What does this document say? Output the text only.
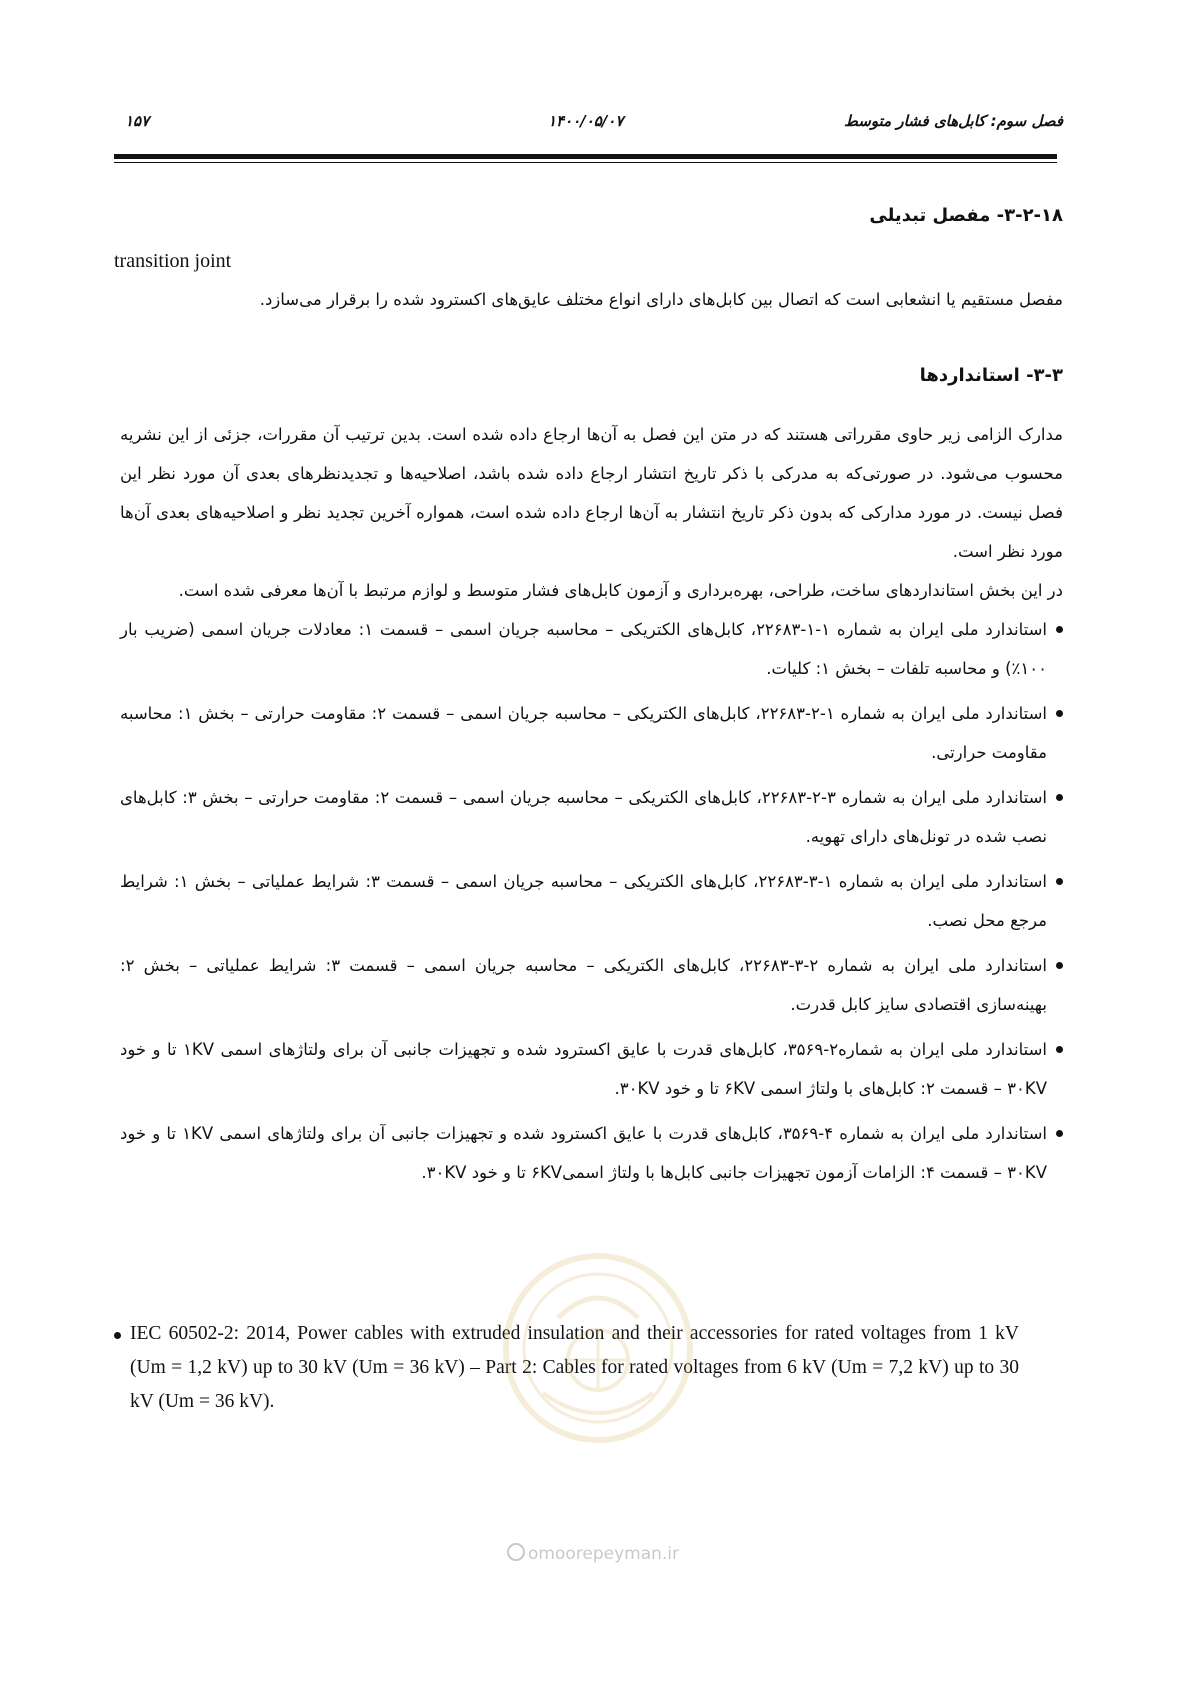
فصل سوم: کابل‌های فشار متوسط
۱۴۰۰/۰۵/۰۷
۱۵۷
۳-۲-۱۸- مفصل تبدیلی
transition joint

مفصل مستقیم یا انشعابی است که اتصال بین کابل‌های دارای انواع مختلف عایق‌های اکسترود شده را برقرار می‌سازد.

۳-۳- استانداردها

مدارک الزامی زیر حاوی مقرراتی هستند که در متن این فصل به آن‌ها ارجاع داده شده است. بدین ترتیب آن مقررات، جزئی از این نشریه محسوب می‌شود. در صورتی‌که به مدرکی با ذکر تاریخ انتشار ارجاع داده شده باشد، اصلاحیه‌ها و تجدیدنظرهای بعدی آن مورد نظر این فصل نیست. در مورد مدارکی که بدون ذکر تاریخ انتشار به آن‌ها ارجاع داده شده است، همواره آخرین تجدید نظر و اصلاحیه‌های بعدی آن‌ها مورد نظر است.

در این بخش استانداردهای ساخت، طراحی، بهره‌برداری و آزمون کابل‌های فشار متوسط و لوازم مرتبط با آن‌ها معرفی شده است.

استاندارد ملی ایران به شماره ۱-۱-۲۲۶۸۳، کابل‌های الکتریکی – محاسبه جریان اسمی – قسمت ۱: معادلات جریان اسمی (ضریب بار ۱۰۰٪) و محاسبه تلفات – بخش ۱: کلیات.
استاندارد ملی ایران به شماره ۱-۲-۲۲۶۸۳، کابل‌های الکتریکی – محاسبه جریان اسمی – قسمت ۲: مقاومت حرارتی – بخش ۱: محاسبه مقاومت حرارتی.
استاندارد ملی ایران به شماره ۳-۲-۲۲۶۸۳، کابل‌های الکتریکی – محاسبه جریان اسمی – قسمت ۲: مقاومت حرارتی – بخش ۳: کابل‌های نصب شده در تونل‌های دارای تهویه.
استاندارد ملی ایران به شماره ۱-۳-۲۲۶۸۳، کابل‌های الکتریکی – محاسبه جریان اسمی – قسمت ۳: شرایط عملیاتی – بخش ۱: شرایط مرجع محل نصب.
استاندارد ملی ایران به شماره ۲-۳-۲۲۶۸۳، کابل‌های الکتریکی – محاسبه جریان اسمی – قسمت ۳: شرایط عملیاتی – بخش ۲: بهینه‌سازی اقتصادی سایز کابل قدرت.
استاندارد ملی ایران به شماره۲-۳۵۶۹، کابل‌های قدرت با عایق اکسترود شده و تجهیزات جانبی آن برای ولتاژهای اسمی ۱KV تا و خود ۳۰KV – قسمت ۲: کابل‌های با ولتاژ اسمی ۶KV تا و خود ۳۰KV.
استاندارد ملی ایران به شماره ۴-۳۵۶۹، کابل‌های قدرت با عایق اکسترود شده و تجهیزات جانبی آن برای ولتاژهای اسمی ۱KV تا و خود ۳۰KV – قسمت ۴: الزامات آزمون تجهیزات جانبی کابل‌ها با ولتاژ اسمی۶KV تا و خود ۳۰KV.
IEC 60502-2: 2014, Power cables with extruded insulation and their accessories for rated voltages from 1 kV (Um = 1,2 kV) up to 30 kV (Um = 36 kV) – Part 2: Cables for rated voltages from 6 kV (Um = 7,2 kV) up to 30 kV (Um = 36 kV).
omoorepeyman.ir
